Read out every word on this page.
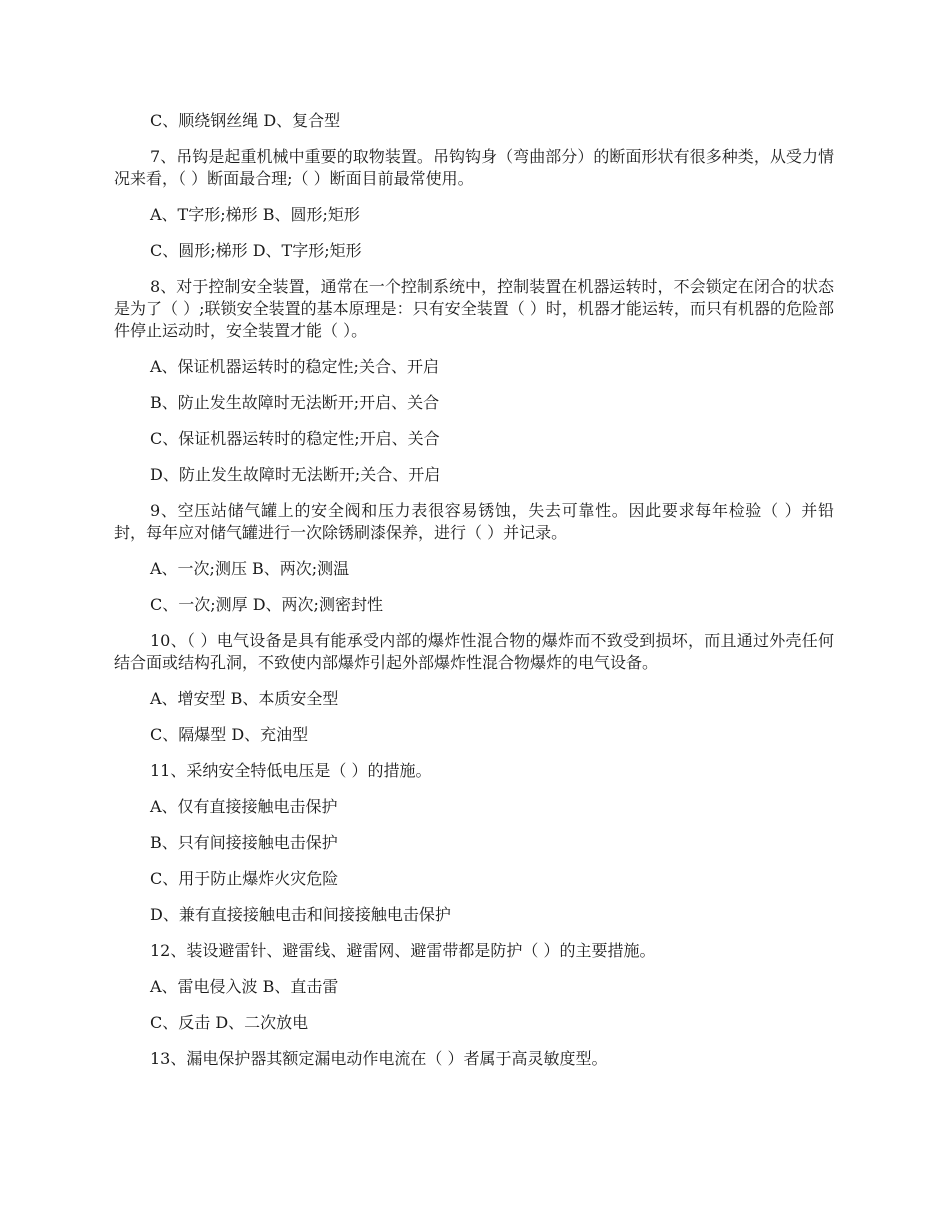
C、顺绕钢丝绳 D、复合型

7、吊钩是起重机械中重要的取物装置。吊钩钩身（弯曲部分）的断面形状有很多种类，从受力情况来看，（ ）断面最合理;（ ）断面目前最常使用。

A、T字形;梯形 B、圆形;矩形

C、圆形;梯形 D、T字形;矩形

8、对于控制安全装置，通常在一个控制系统中，控制装置在机器运转时，不会锁定在闭合的状态是为了（ ）;联锁安全装置的基本原理是：只有安全装置（ ）时，机器才能运转，而只有机器的危险部件停止运动时，安全装置才能（ ）。

A、保证机器运转时的稳定性;关合、开启

B、防止发生故障时无法断开;开启、关合

C、保证机器运转时的稳定性;开启、关合

D、防止发生故障时无法断开;关合、开启

9、空压站储气罐上的安全阀和压力表很容易锈蚀，失去可靠性。因此要求每年检验（ ）并铅封，每年应对储气罐进行一次除锈刷漆保养，进行（ ）并记录。

A、一次;测压 B、两次;测温

C、一次;测厚 D、两次;测密封性

10、（ ）电气设备是具有能承受内部的爆炸性混合物的爆炸而不致受到损坏，而且通过外壳任何结合面或结构孔洞，不致使内部爆炸引起外部爆炸性混合物爆炸的电气设备。

A、增安型 B、本质安全型

C、隔爆型 D、充油型

11、采纳安全特低电压是（ ）的措施。

A、仅有直接接触电击保护

B、只有间接接触电击保护

C、用于防止爆炸火灾危险

D、兼有直接接触电击和间接接触电击保护

12、装设避雷针、避雷线、避雷网、避雷带都是防护（ ）的主要措施。

A、雷电侵入波 B、直击雷

C、反击 D、二次放电

13、漏电保护器其额定漏电动作电流在（ ）者属于高灵敏度型。
